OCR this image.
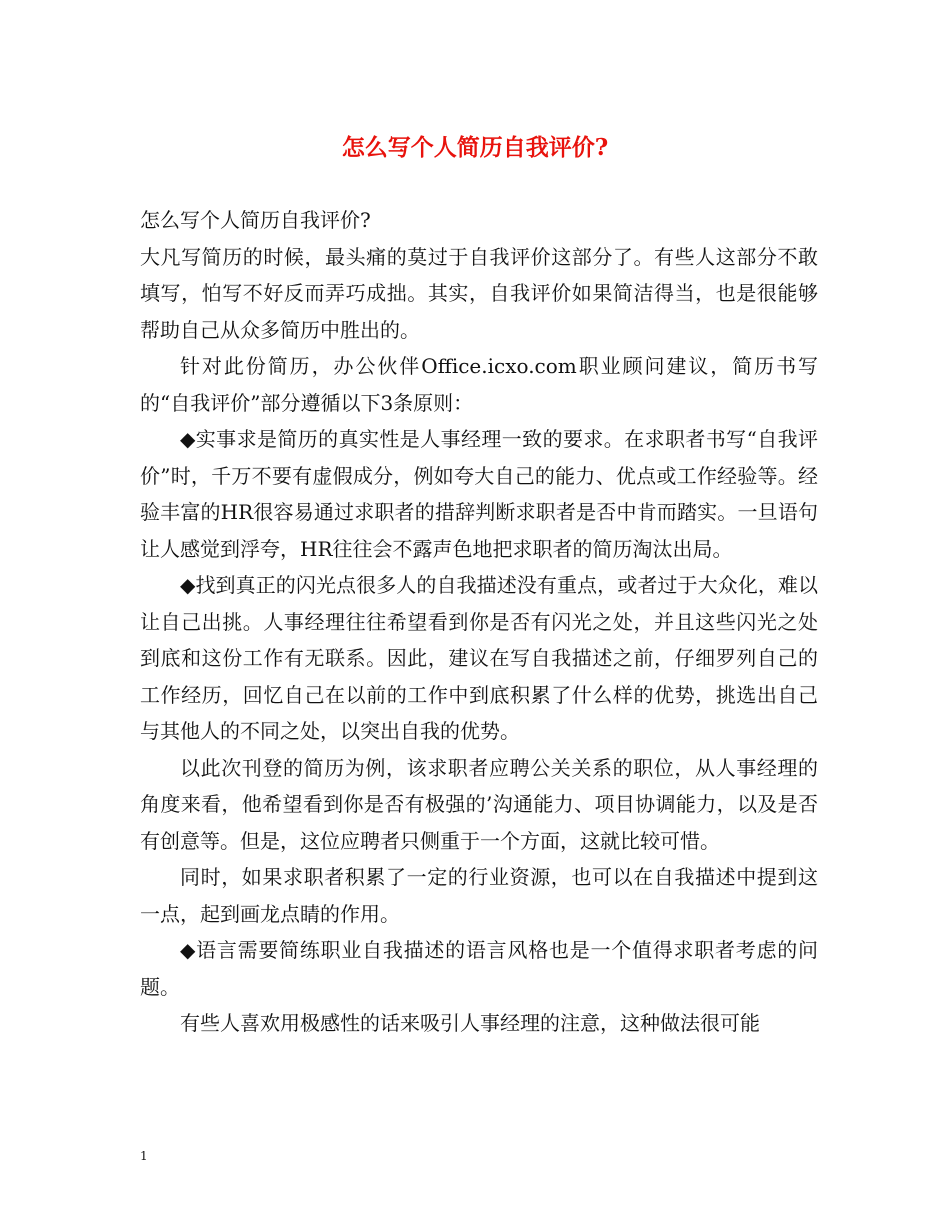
怎么写个人简历自我评价?

怎么写个人简历自我评价?

大凡写简历的时候，最头痛的莫过于自我评价这部分了。有些人这部分不敢填写，怕写不好反而弄巧成拙。其实，自我评价如果简洁得当，也是很能够帮助自己从众多简历中胜出的。

针对此份简历，办公伙伴Office.icxo.com职业顾问建议，简历书写的“自我评价”部分遵循以下3条原则：

◆实事求是简历的真实性是人事经理一致的要求。在求职者书写“自我评价”时，千万不要有虚假成分，例如夸大自己的能力、优点或工作经验等。经验丰富的HR很容易通过求职者的措辞判断求职者是否中肯而踏实。一旦语句让人感觉到浮夸，HR往往会不露声色地把求职者的简历淘汰出局。

◆找到真正的闪光点很多人的自我描述没有重点，或者过于大众化，难以让自己出挑。人事经理往往希望看到你是否有闪光之处，并且这些闪光之处到底和这份工作有无联系。因此，建议在写自我描述之前，仔细罗列自己的工作经历，回忆自己在以前的工作中到底积累了什么样的优势，挑选出自己与其他人的不同之处，以突出自我的优势。

以此次刊登的简历为例，该求职者应聘公关关系的职位，从人事经理的角度来看，他希望看到你是否有极强的’沟通能力、项目协调能力，以及是否有创意等。但是，这位应聘者只侧重于一个方面，这就比较可惜。

同时，如果求职者积累了一定的行业资源，也可以在自我描述中提到这一点，起到画龙点睛的作用。

◆语言需要简练职业自我描述的语言风格也是一个值得求职者考虑的问题。

有些人喜欢用极感性的话来吸引人事经理的注意，这种做法很可能

1
